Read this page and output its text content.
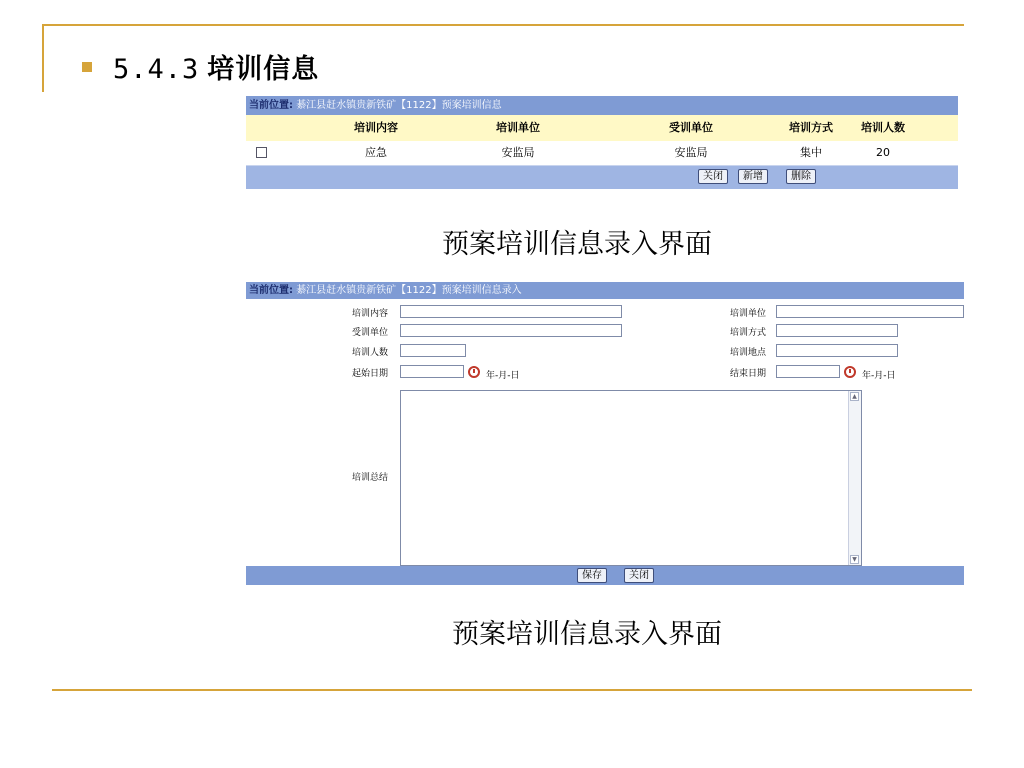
5.4.3 培训信息
当前位置: 綦江县赶水镇贵新铁矿【1122】预案培训信息
培训内容	培训单位	受训单位	培训方式	培训人数
应急	安监局	安监局	集中	20
关闭	新增	删除
预案培训信息录入界面
当前位置: 綦江县赶水镇贵新铁矿【1122】预案培训信息录入
培训内容	培训单位
受训单位	培训方式
培训人数	培训地点
起始日期	年-月-日	结束日期	年-月-日
培训总结
▲
▼
保存	关闭
预案培训信息录入界面
